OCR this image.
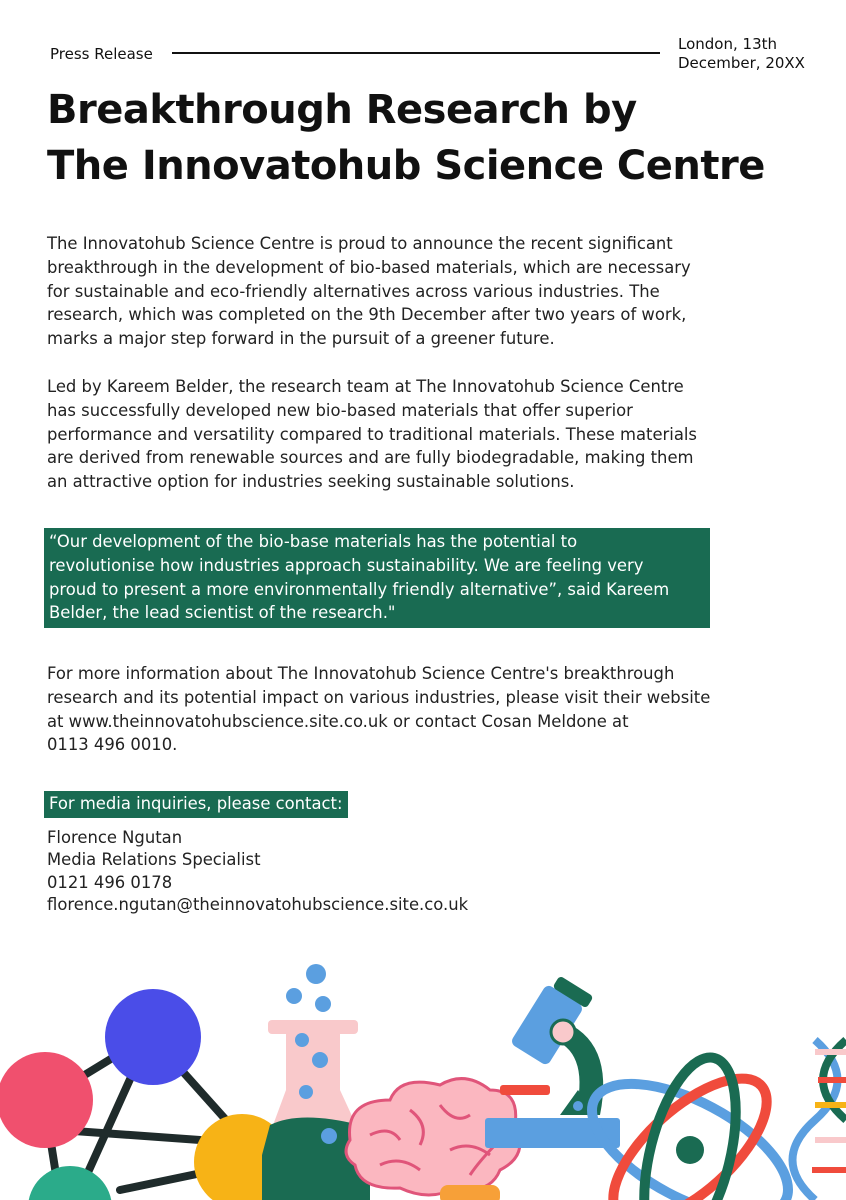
Press Release
London, 13th
December, 20XX
Breakthrough Research by
The Innovatohub Science Centre
The Innovatohub Science Centre is proud to announce the recent significant
breakthrough in the development of bio-based materials, which are necessary
for sustainable and eco-friendly alternatives across various industries. The
research, which was completed on the 9th December after two years of work,
marks a major step forward in the pursuit of a greener future.
Led by Kareem Belder, the research team at The Innovatohub Science Centre
has successfully developed new bio-based materials that offer superior
performance and versatility compared to traditional materials. These materials
are derived from renewable sources and are fully biodegradable, making them
an attractive option for industries seeking sustainable solutions.
“Our development of the bio-base materials has the potential to
revolutionise how industries approach sustainability. We are feeling very
proud to present a more environmentally friendly alternative”, said Kareem
Belder, the lead scientist of the research."
For more information about The Innovatohub Science Centre's breakthrough
research and its potential impact on various industries, please visit their website
at www.theinnovatohubscience.site.co.uk or contact Cosan Meldone at
0113 496 0010.
For media inquiries, please contact:
Florence Ngutan
Media Relations Specialist
0121 496 0178
florence.ngutan@theinnovatohubscience.site.co.uk
